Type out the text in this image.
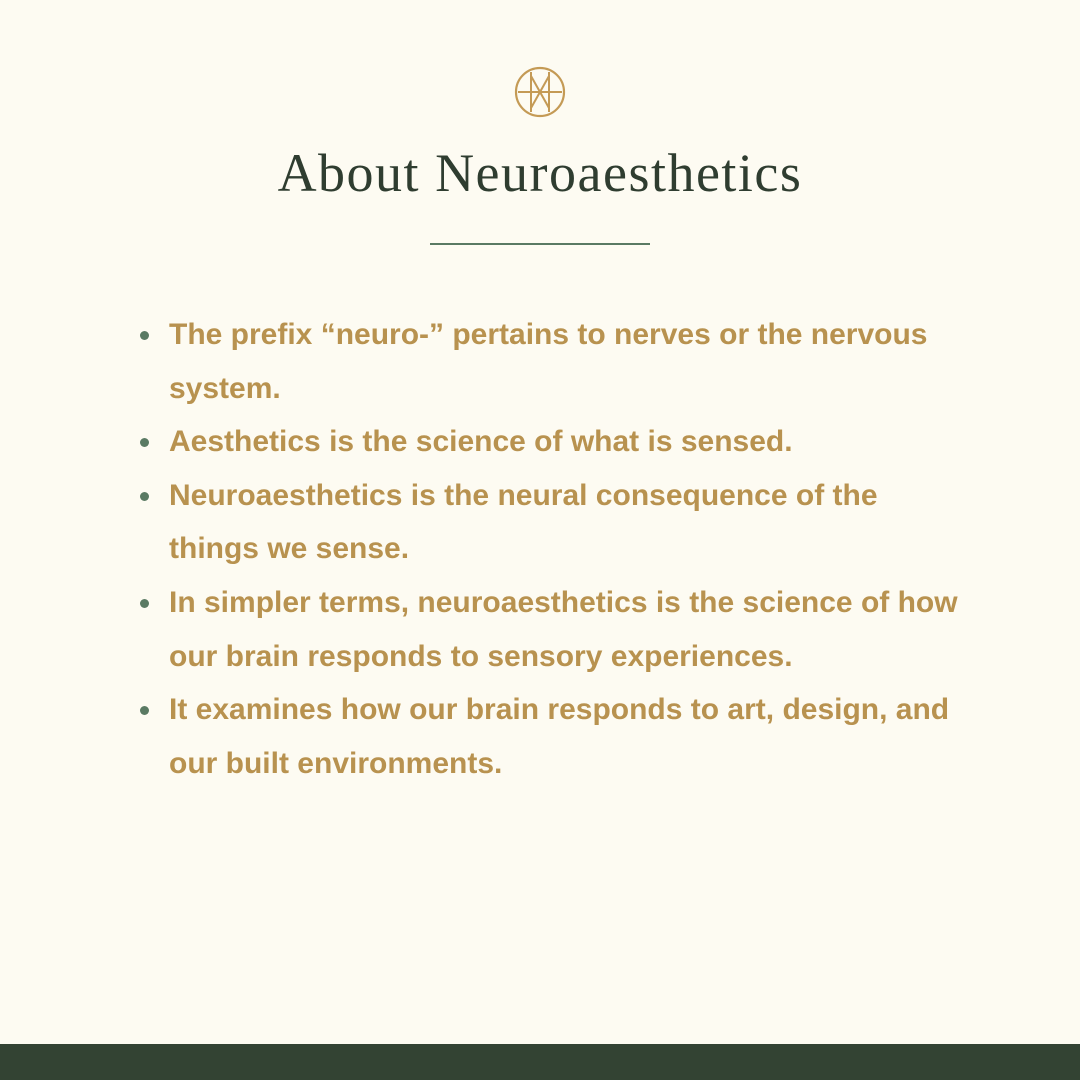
About Neuroaesthetics
The prefix “neuro-” pertains to nerves or the nervous system.
Aesthetics is the science of what is sensed.
Neuroaesthetics is the neural consequence of the things we sense.
In simpler terms, neuroaesthetics is the science of how our brain responds to sensory experiences.
It examines how our brain responds to art, design, and our built environments.
